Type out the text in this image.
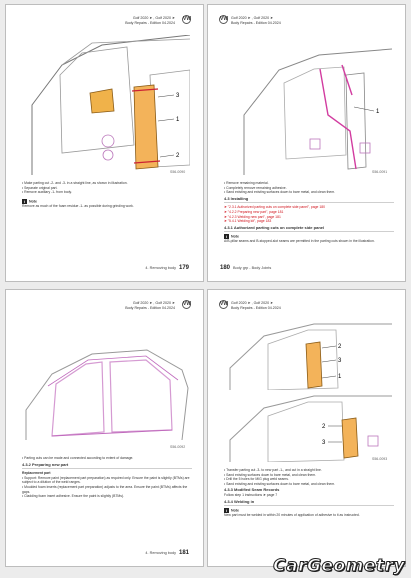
Golf 2020 ➤ , Golf 2020 ➤
Body Repairs - Edition 04.2024
VW
3
1
2
S56-0090
• Make parting cut -2- and -3- in a straight line, as shown in illustration.
• Separate original part.
• Remove auxiliary -1- from body.
i Note
Remove as much of the foam residue -1- as possible during grinding work.
4. Removing body 179
VW Golf 2020 ➤ , Golf 2020 ➤
Body Repairs - Edition 04.2024
1
S56-0091
• Remove remaining material.
• Completely remove remaining adhesive.
• Sand existing and existing surfaces down to bare metal, and clean them.
4.3 Installing
➤ "2.3.1 Authorized parting cuts on complete side panel", page 180
➤ "4.2.2 Preparing new part", page 181
➤ "4.2.3 Welding new part", page 181
➤ "5.4.1 Welding kit", page 183
4.3.1 Authorized parting cuts on complete side panel
i Note
A/B-pillar seams and B-stopped-slot seams are permitted in the parting cuts shown in the illustration.
180 Body grp - Body Joints
Golf 2020 ➤ , Golf 2020 ➤
Body Repairs - Edition 04.2024
VW
S56-0092
• Parting cuts can be made and connected according to extent of damage.
4.3.2 Preparing new part
Replacement part
• Support: Remove paint (replacement part preparation) as required only. Ensure the paint is slightly (BTMs) are subject to a dilution of the weld ranges.
• Moulded foam inserts (replacement part preparation) adjusts to the area. Ensure the paint (BTMs) affects the gaps.
• Cladding foam insert adhesive. Ensure the paint is slightly (BTMs).
4. Removing body 181
VW Golf 2020 ➤ , Golf 2020 ➤
Body Repairs - Edition 04.2024
2
3
1
2
3
S56-0093
• Transfer parting cut -3- to new part -1-, and cut in a straight line.
• Sand existing surfaces down to bare metal, and clean them.
• Drill the 5 holes for MIG plug weld seams.
• Sand existing and existing surfaces down to bare metal, and clean them.
4.3.3 Modified Seam Records
Follow step 1 instructions ➤ page 7
4.3.4 Welding in
i Note
New part must be welded in within 20 minutes of application of adhesive to it as instructed.
CarGeometry
